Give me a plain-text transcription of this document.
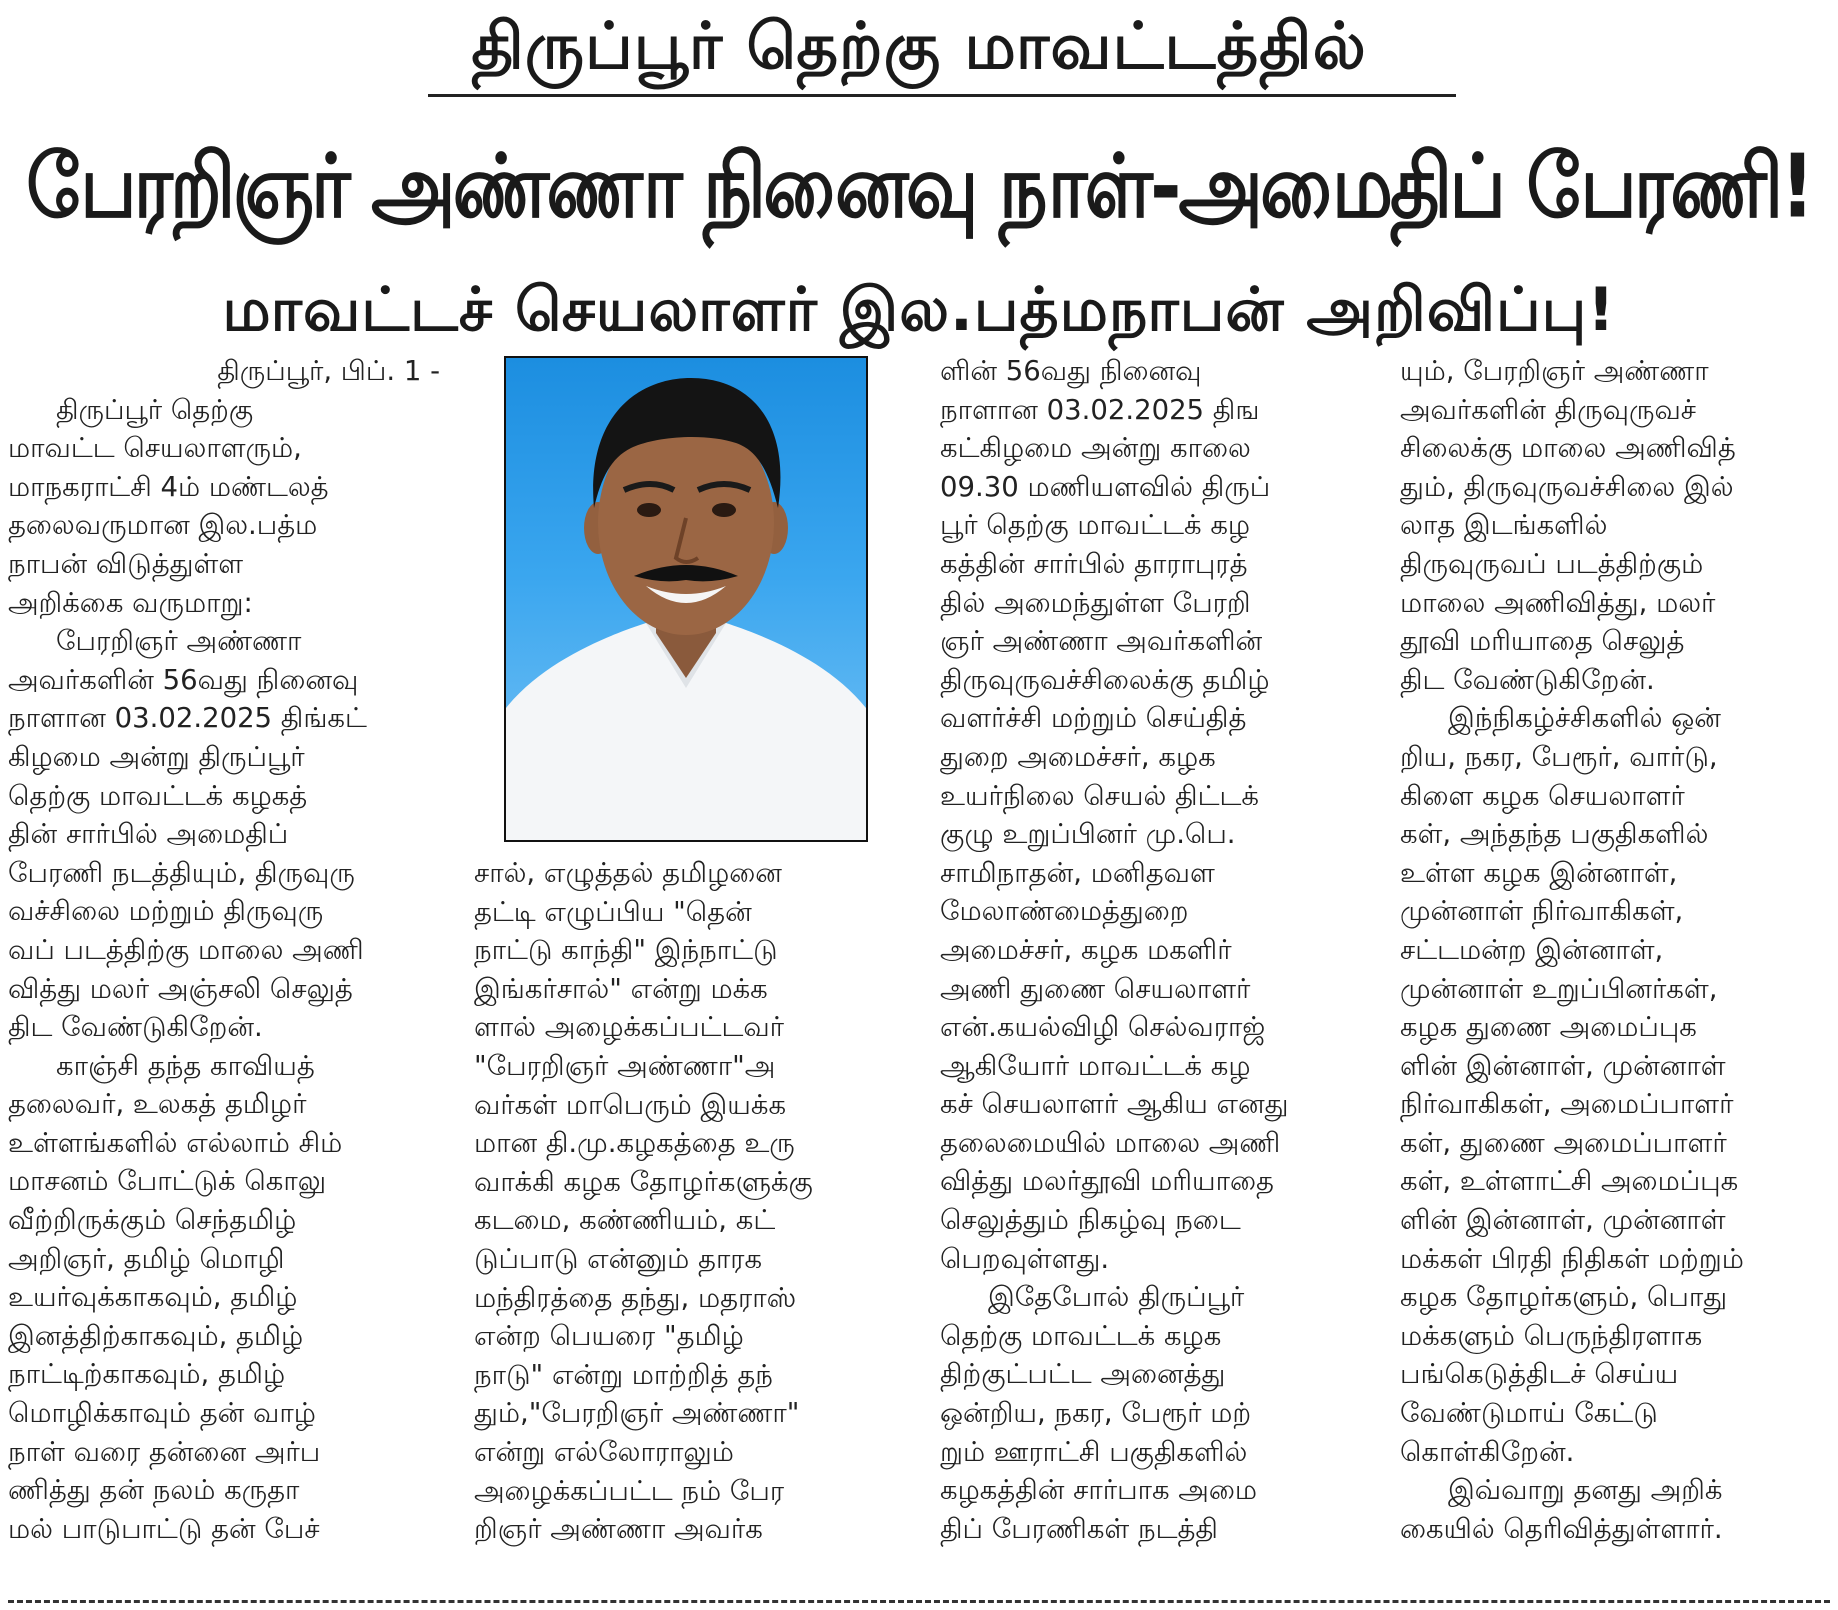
திருப்பூர் தெற்கு மாவட்டத்தில்
பேரறிஞர் அண்ணா நினைவு நாள்-அமைதிப் பேரணி!
மாவட்டச் செயலாளர் இல.பத்மநாபன் அறிவிப்பு!
திருப்பூர், பிப். 1 -
திருப்பூர் தெற்கு
மாவட்ட செயலாளரும்,
மாநகராட்சி 4ம் மண்டலத்
தலைவருமான இல.பத்ம
நாபன் விடுத்துள்ள
அறிக்கை வருமாறு:
பேரறிஞர் அண்ணா
அவர்களின் 56வது நினைவு
நாளான 03.02.2025 திங்கட்
கிழமை அன்று திருப்பூர்
தெற்கு மாவட்டக் கழகத்
தின் சார்பில் அமைதிப்
பேரணி நடத்தியும், திருவுரு
வச்சிலை மற்றும் திருவுரு
வப் படத்திற்கு மாலை அணி
வித்து மலர் அஞ்சலி செலுத்
திட வேண்டுகிறேன்.
காஞ்சி தந்த காவியத்
தலைவர், உலகத் தமிழர்
உள்ளங்களில் எல்லாம் சிம்
மாசனம் போட்டுக் கொலு
வீற்றிருக்கும் செந்தமிழ்
அறிஞர், தமிழ் மொழி
உயர்வுக்காகவும், தமிழ்
இனத்திற்காகவும், தமிழ்
நாட்டிற்காகவும், தமிழ்
மொழிக்காவும் தன் வாழ்
நாள் வரை தன்னை அர்ப
ணித்து தன் நலம் கருதா
மல் பாடுபாட்டு தன் பேச்
சால், எழுத்தல் தமிழனை
தட்டி எழுப்பிய "தென்
நாட்டு காந்தி" இந்நாட்டு
இங்கர்சால்" என்று மக்க
ளால் அழைக்கப்பட்டவர்
"பேரறிஞர் அண்ணா"அ
வர்கள் மாபெரும் இயக்க
மான தி.மு.கழகத்தை உரு
வாக்கி கழக தோழர்களுக்கு
கடமை, கண்ணியம், கட்
டுப்பாடு என்னும் தாரக
மந்திரத்தை தந்து, மதராஸ்
என்ற பெயரை "தமிழ்
நாடு" என்று மாற்றித் தந்
தும்,"பேரறிஞர் அண்ணா"
என்று எல்லோராலும்
அழைக்கப்பட்ட நம் பேர
றிஞர் அண்ணா அவர்க
ளின் 56வது நினைவு
நாளான 03.02.2025 திங
கட்கிழமை அன்று காலை
09.30 மணியளவில் திருப்
பூர் தெற்கு மாவட்டக் கழ
கத்தின் சார்பில் தாராபுரத்
தில் அமைந்துள்ள பேரறி
ஞர் அண்ணா அவர்களின்
திருவுருவச்சிலைக்கு தமிழ்
வளர்ச்சி மற்றும் செய்தித்
துறை அமைச்சர், கழக
உயர்நிலை செயல் திட்டக்
குழு உறுப்பினர் மு.பெ.
சாமிநாதன், மனிதவள
மேலாண்மைத்துறை
அமைச்சர், கழக மகளிர்
அணி துணை செயலாளர்
என்.கயல்விழி செல்வராஜ்
ஆகியோர் மாவட்டக் கழ
கச் செயலாளர் ஆகிய எனது
தலைமையில் மாலை அணி
வித்து மலர்தூவி மரியாதை
செலுத்தும் நிகழ்வு நடை
பெறவுள்ளது.
இதேபோல் திருப்பூர்
தெற்கு மாவட்டக் கழக
திற்குட்பட்ட அனைத்து
ஒன்றிய, நகர, பேரூர் மற்
றும் ஊராட்சி பகுதிகளில்
கழகத்தின் சார்பாக அமை
திப் பேரணிகள் நடத்தி
யும், பேரறிஞர் அண்ணா
அவர்களின் திருவுருவச்
சிலைக்கு மாலை அணிவித்
தும், திருவுருவச்சிலை இல்
லாத இடங்களில்
திருவுருவப் படத்திற்கும்
மாலை அணிவித்து, மலர்
தூவி மரியாதை செலுத்
திட வேண்டுகிறேன்.
இந்நிகழ்ச்சிகளில் ஒன்
றிய, நகர, பேரூர், வார்டு,
கிளை கழக செயலாளர்
கள், அந்தந்த பகுதிகளில்
உள்ள கழக இன்னாள்,
முன்னாள் நிர்வாகிகள்,
சட்டமன்ற இன்னாள்,
முன்னாள் உறுப்பினர்கள்,
கழக துணை அமைப்புக
ளின் இன்னாள், முன்னாள்
நிர்வாகிகள், அமைப்பாளர்
கள், துணை அமைப்பாளர்
கள், உள்ளாட்சி அமைப்புக
ளின் இன்னாள், முன்னாள்
மக்கள் பிரதி நிதிகள் மற்றும்
கழக தோழர்களும், பொது
மக்களும் பெருந்திரளாக
பங்கெடுத்திடச் செய்ய
வேண்டுமாய் கேட்டு
கொள்கிறேன்.
இவ்வாறு தனது அறிக்
கையில் தெரிவித்துள்ளார்.
